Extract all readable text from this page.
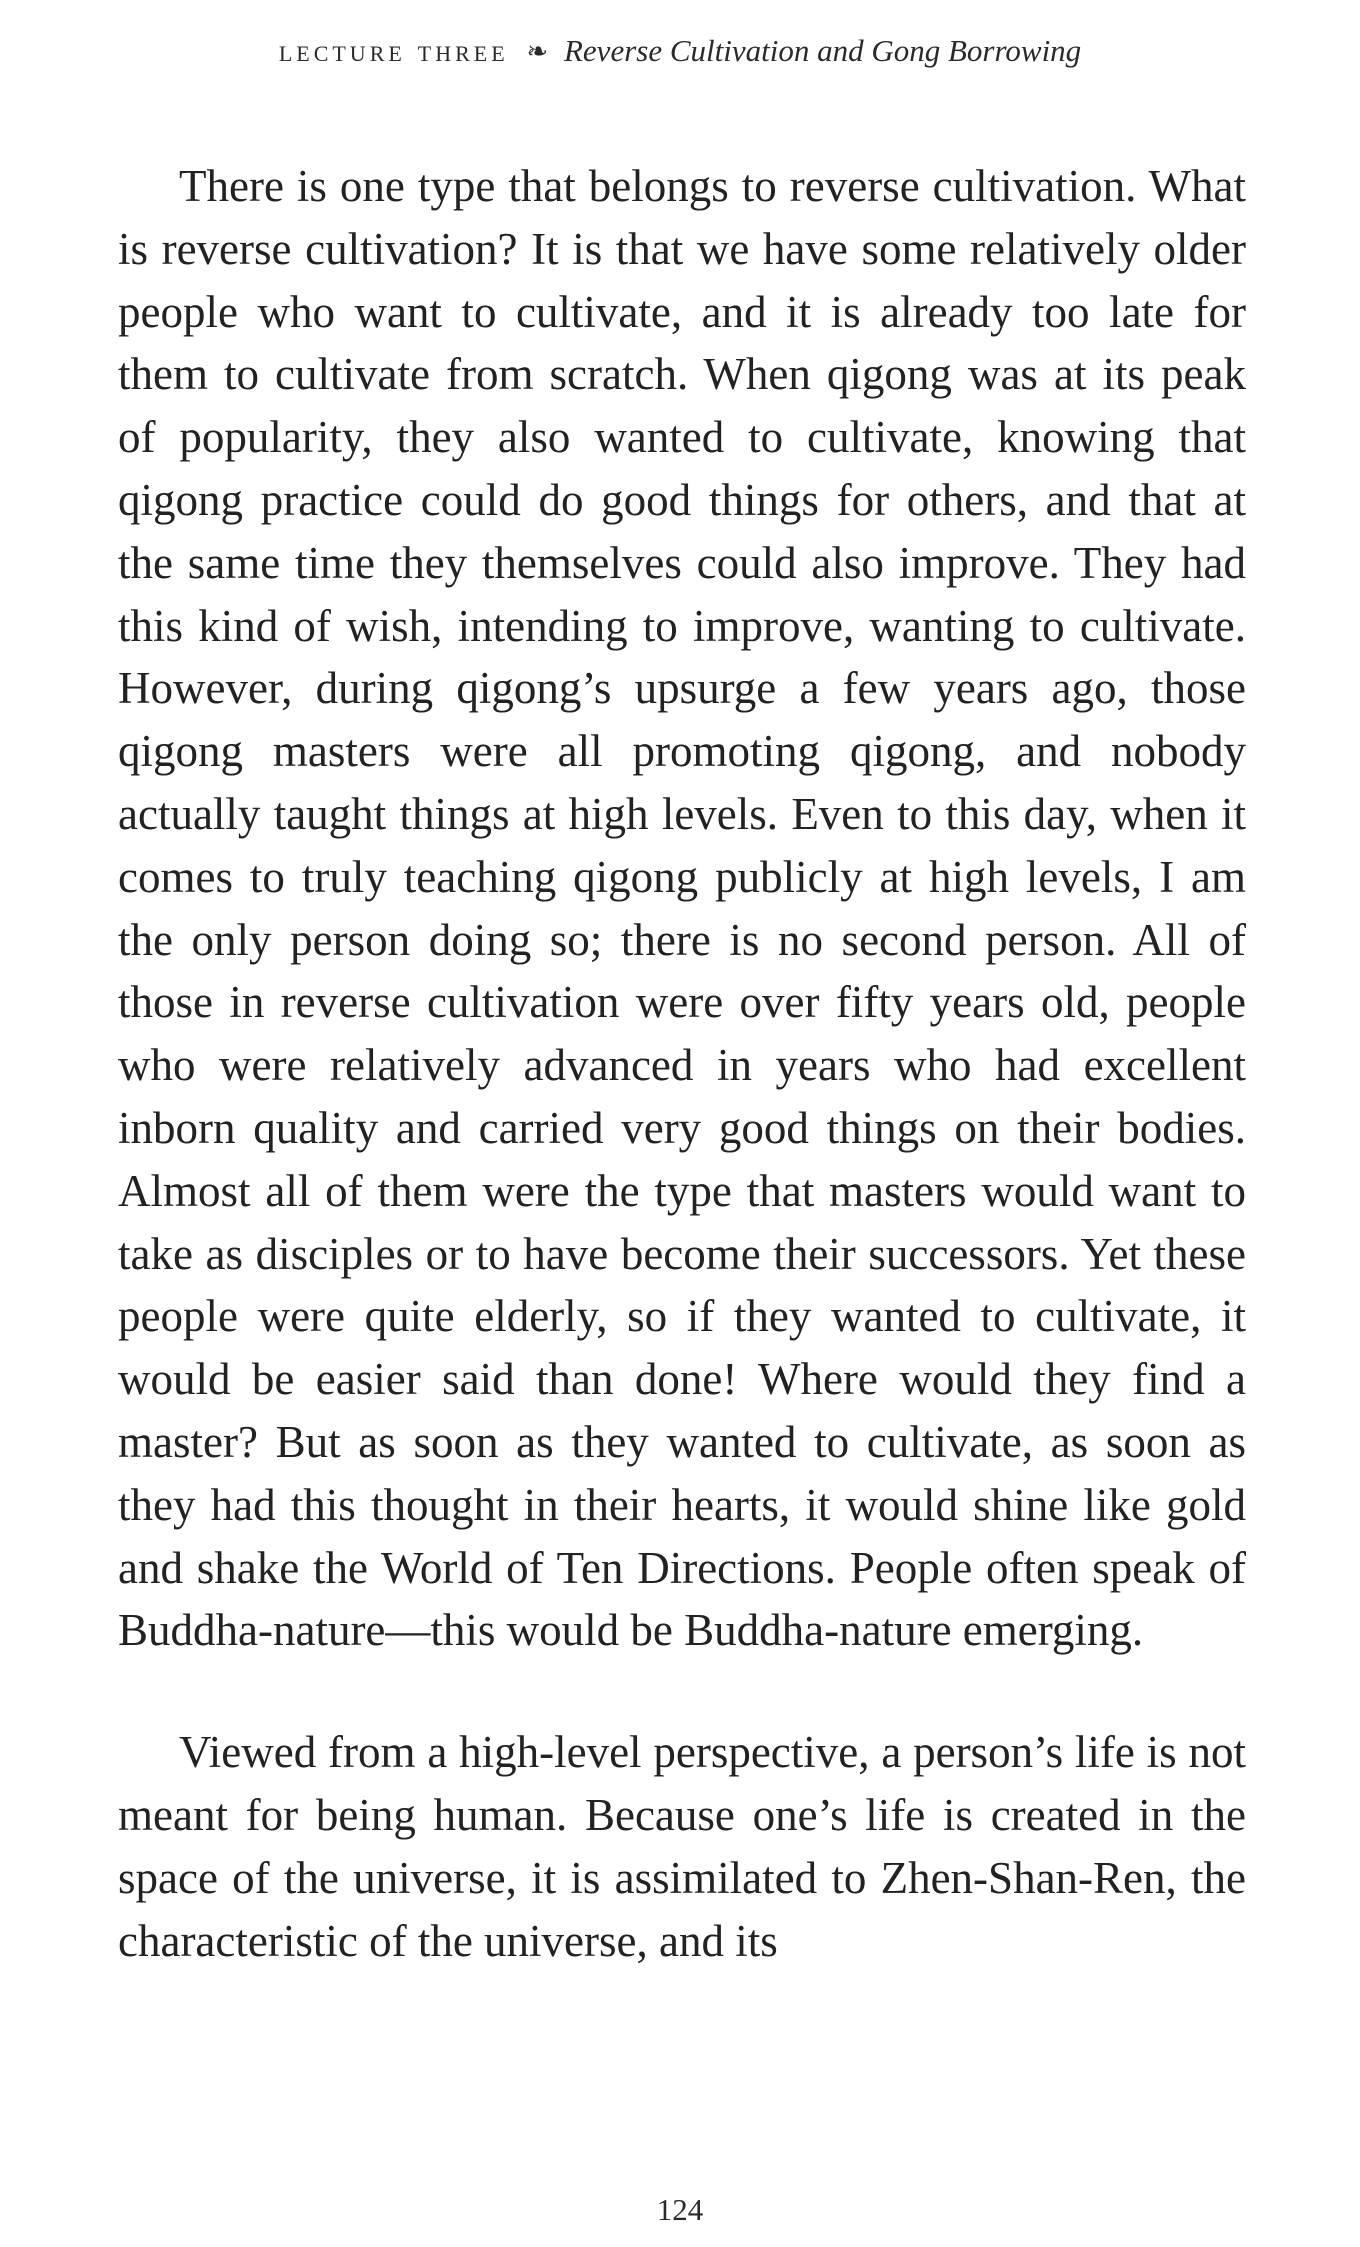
lecture three ❧ Reverse Cultivation and Gong Borrowing

There is one type that belongs to reverse cultivation. What is reverse cultivation? It is that we have some relatively older people who want to cultivate, and it is already too late for them to cultivate from scratch. When qigong was at its peak of popularity, they also wanted to cultivate, knowing that qigong practice could do good things for others, and that at the same time they themselves could also improve. They had this kind of wish, intending to improve, wanting to cultivate. However, during qigong’s upsurge a few years ago, those qigong masters were all promoting qigong, and nobody actually taught things at high levels. Even to this day, when it comes to truly teaching qigong publicly at high levels, I am the only person doing so; there is no second person. All of those in reverse cultivation were over fifty years old, people who were relatively advanced in years who had excellent inborn quality and carried very good things on their bodies. Almost all of them were the type that masters would want to take as disciples or to have become their successors. Yet these people were quite elderly, so if they wanted to cultivate, it would be easier said than done! Where would they find a master? But as soon as they wanted to cultivate, as soon as they had this thought in their hearts, it would shine like gold and shake the World of Ten Directions. People often speak of Buddha-nature—this would be Buddha-nature emerging.

Viewed from a high-level perspective, a person’s life is not meant for being human. Because one’s life is created in the space of the universe, it is assimilated to Zhen-Shan-Ren, the characteristic of the universe, and its

124
